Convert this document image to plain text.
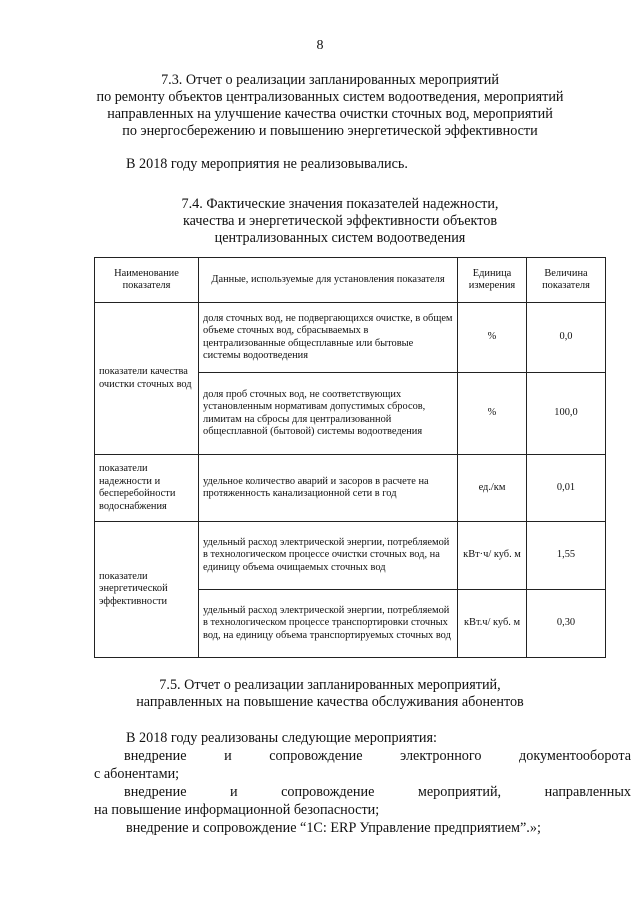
8
7.3. Отчет о реализации запланированных мероприятий
по ремонту объектов централизованных систем водоотведения, мероприятий
направленных на улучшение качества очистки сточных вод, мероприятий
по энергосбережению и повышению энергетической эффективности
В 2018 году мероприятия не реализовывались.
7.4. Фактические значения показателей надежности,
качества и энергетической эффективности объектов
централизованных систем водоотведения
Наименование показателя	Данные, используемые для установления показателя	Единица измерения	Величина показателя
показатели качества очистки сточных вод	доля сточных вод, не подвергающихся очистке, в общем объеме сточных вод, сбрасываемых в централизованные общесплавные или бытовые системы водоотведения	%	0,0
	доля проб сточных вод, не соответствующих установленным нормативам допустимых сбросов, лимитам на сбросы для централизованной общесплавной (бытовой) системы водоотведения	%	100,0
показатели надежности и бесперебойности водоснабжения	удельное количество аварий и засоров в расчете на протяженность канализационной сети в год	ед./км	0,01
показатели энергетической эффективности	удельный расход электрической энергии, потребляемой в технологическом процессе очистки сточных вод, на единицу объема очищаемых сточных вод	кВт·ч/ куб. м	1,55
	удельный расход электрической энергии, потребляемой в технологическом процессе транспортировки сточных вод, на единицу объема транспортируемых сточных вод	кВт.ч/ куб. м	0,30
7.5. Отчет о реализации запланированных мероприятий,
направленных на повышение качества обслуживания абонентов
В 2018 году реализованы следующие мероприятия:
внедрение и сопровождение электронного документооборота
с абонентами;
внедрение и сопровождение мероприятий, направленных
на повышение информационной безопасности;
внедрение и сопровождение “1С: ERP Управление предприятием”.»;
